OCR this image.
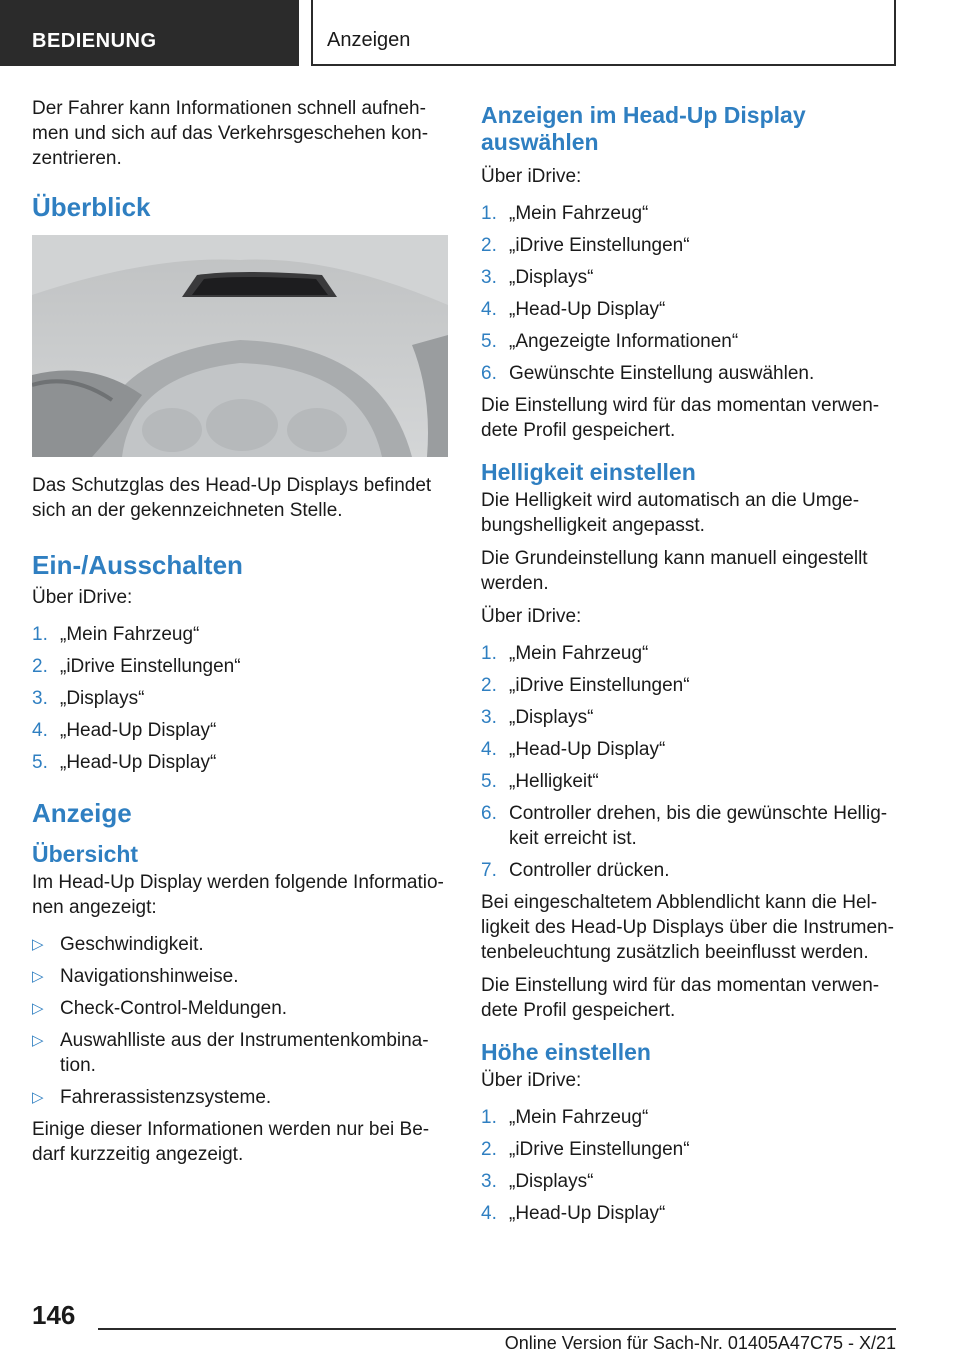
BEDIENUNG	Anzeigen

Der Fahrer kann Informationen schnell aufneh-men und sich auf das Verkehrsgeschehen kon-zentrieren.

Überblick

Das Schutzglas des Head-Up Displays befindet sich an der gekennzeichneten Stelle.

Ein-/Ausschalten

Über iDrive:

1. „Mein Fahrzeug“
2. „iDrive Einstellungen“
3. „Displays“
4. „Head-Up Display“
5. „Head-Up Display“
Anzeige
Übersicht

Im Head-Up Display werden folgende Informatio-nen angezeigt:

▷ Geschwindigkeit.
▷ Navigationshinweise.
▷ Check-Control-Meldungen.
▷ Auswahlliste aus der Instrumentenkombina-tion.
▷ Fahrerassistenzsysteme.

Einige dieser Informationen werden nur bei Be-darf kurzzeitig angezeigt.

Anzeigen im Head-Up Display auswählen

Über iDrive:

1. „Mein Fahrzeug“
2. „iDrive Einstellungen“
3. „Displays“
4. „Head-Up Display“
5. „Angezeigte Informationen“
6. Gewünschte Einstellung auswählen.

Die Einstellung wird für das momentan verwen-dete Profil gespeichert.

Helligkeit einstellen

Die Helligkeit wird automatisch an die Umge-bungshelligkeit angepasst.

Die Grundeinstellung kann manuell eingestellt werden.

Über iDrive:

1. „Mein Fahrzeug“
2. „iDrive Einstellungen“
3. „Displays“
4. „Head-Up Display“
5. „Helligkeit“
6. Controller drehen, bis die gewünschte Hellig-keit erreicht ist.
7. Controller drücken.

Bei eingeschaltetem Abblendlicht kann die Hel-ligkeit des Head-Up Displays über die Instrumen-tenbeleuchtung zusätzlich beeinflusst werden.

Die Einstellung wird für das momentan verwen-dete Profil gespeichert.

Höhe einstellen

Über iDrive:

1. „Mein Fahrzeug“
2. „iDrive Einstellungen“
3. „Displays“
4. „Head-Up Display“
146
Online Version für Sach-Nr. 01405A47C75 - X/21
